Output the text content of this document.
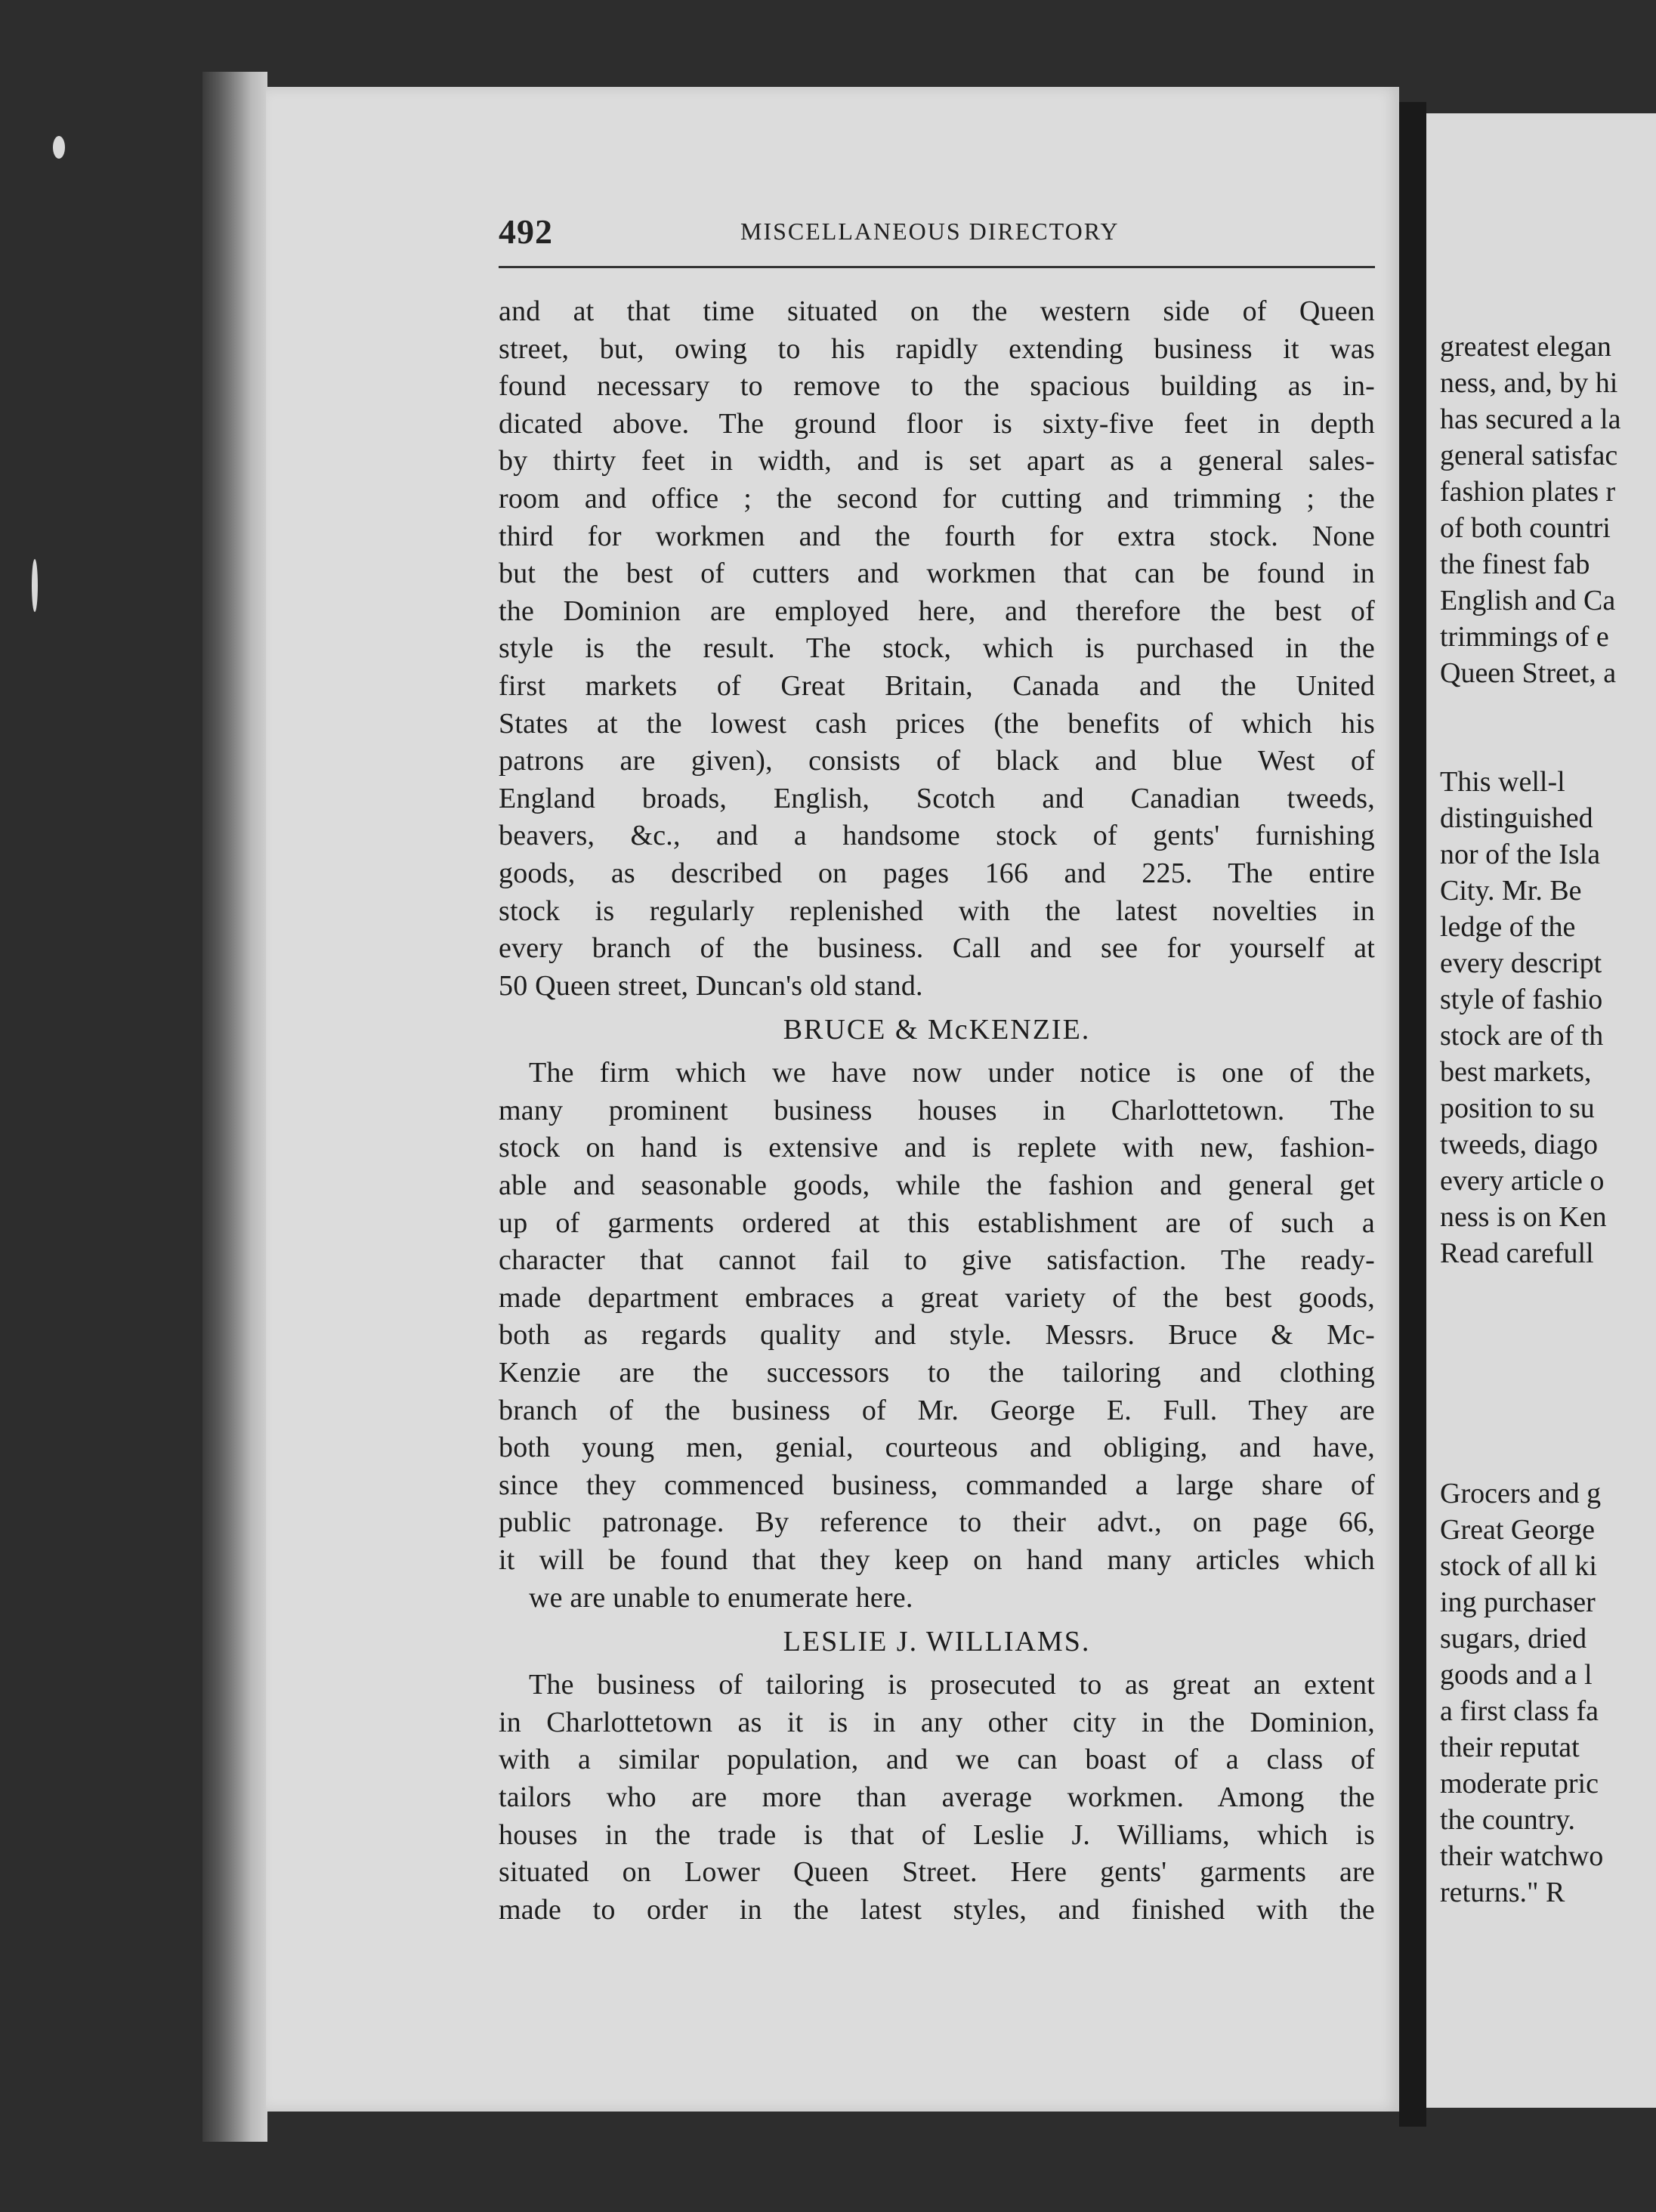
492	MISCELLANEOUS DIRECTORY
and at that time situated on the western side of Queen
street, but, owing to his rapidly extending business it was
found necessary to remove to the spacious building as in-
dicated above. The ground floor is sixty-five feet in depth
by thirty feet in width, and is set apart as a general sales-
room and office ; the second for cutting and trimming ; the
third for workmen and the fourth for extra stock. None
but the best of cutters and workmen that can be found in
the Dominion are employed here, and therefore the best of
style is the result. The stock, which is purchased in the
first markets of Great Britain, Canada and the United
States at the lowest cash prices (the benefits of which his
patrons are given), consists of black and blue West of
England broads, English, Scotch and Canadian tweeds,
beavers, &c., and a handsome stock of gents' furnishing
goods, as described on pages 166 and 225. The entire
stock is regularly replenished with the latest novelties in
every branch of the business. Call and see for yourself at
50 Queen street, Duncan's old stand.
BRUCE & McKENZIE.
The firm which we have now under notice is one of the
many prominent business houses in Charlottetown. The
stock on hand is extensive and is replete with new, fashion-
able and seasonable goods, while the fashion and general get
up of garments ordered at this establishment are of such a
character that cannot fail to give satisfaction. The ready-
made department embraces a great variety of the best goods,
both as regards quality and style. Messrs. Bruce & Mc-
Kenzie are the successors to the tailoring and clothing
branch of the business of Mr. George E. Full. They are
both young men, genial, courteous and obliging, and have,
since they commenced business, commanded a large share of
public patronage. By reference to their advt., on page 66,
it will be found that they keep on hand many articles which
we are unable to enumerate here.
LESLIE J. WILLIAMS.
The business of tailoring is prosecuted to as great an extent
in Charlottetown as it is in any other city in the Dominion,
with a similar population, and we can boast of a class of
tailors who are more than average workmen. Among the
houses in the trade is that of Leslie J. Williams, which is
situated on Lower Queen Street. Here gents' garments are
made to order in the latest styles, and finished with the
greatest elegan
ness, and, by hi
has secured a la
general satisfac
fashion plates r
of both countri
the finest fab
English and Ca
trimmings of e
Queen Street, a
This well-l
distinguished
nor of the Isla
City. Mr. Be
ledge of the
every descript
style of fashio
stock are of th
best markets,
position to su
tweeds, diago
every article o
ness is on Ken
Read carefull
Grocers and g
Great George
stock of all ki
ing purchaser
sugars, dried
goods and a l
a first class fa
their reputat
moderate pric
the country.
their watchwo
returns." R
